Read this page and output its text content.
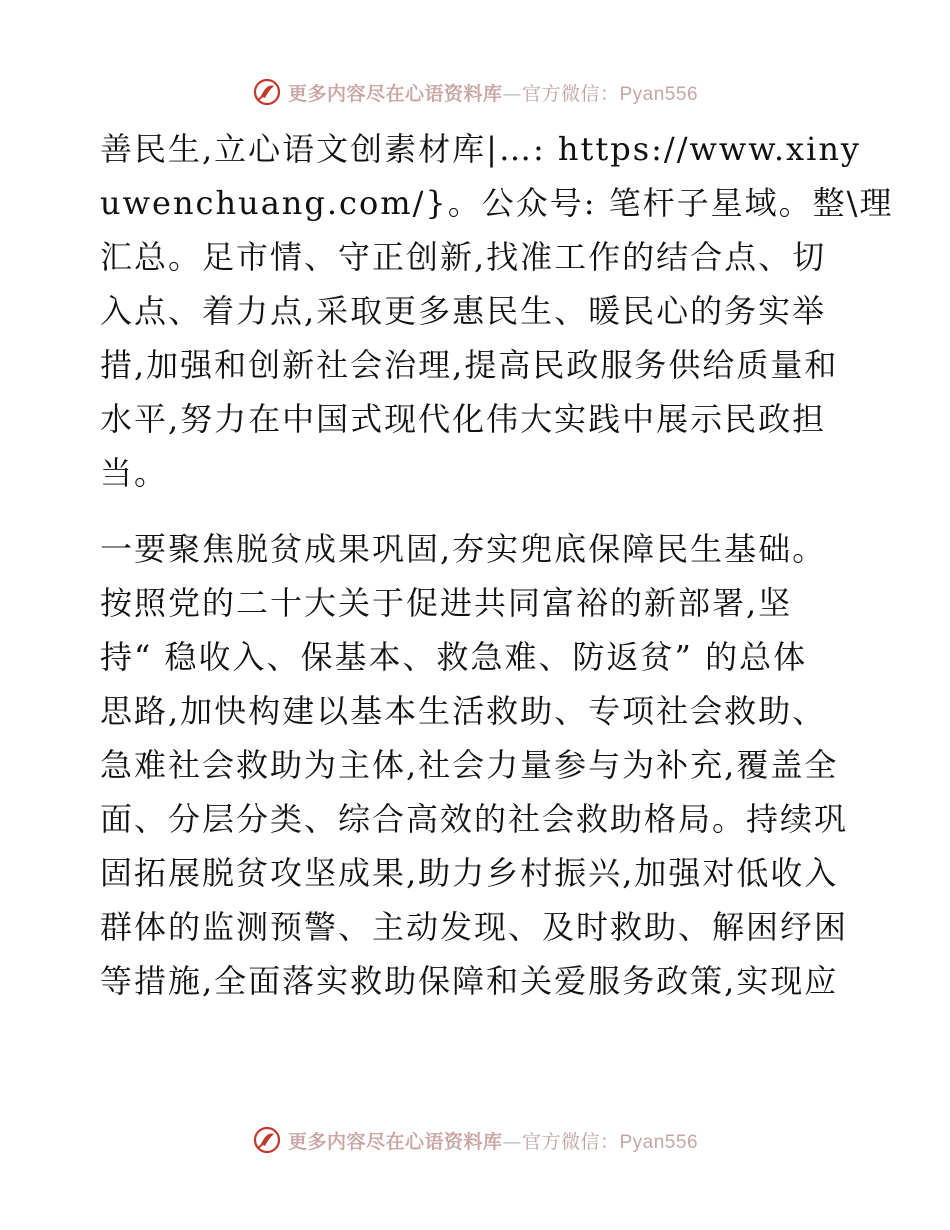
更多内容尽在心语资料库—官方微信：Pyan556
善民生,立心语文创素材库|…: https://www.xiny
uwenchuang.com/}。公众号: 笔杆子星域。整\理
汇总。足市情、守正创新,找准工作的结合点、切
入点、着力点,采取更多惠民生、暖民心的务实举
措,加强和创新社会治理,提高民政服务供给质量和
水平,努力在中国式现代化伟大实践中展示民政担
当。
一要聚焦脱贫成果巩固,夯实兜底保障民生基础。
按照党的二十大关于促进共同富裕的新部署,坚
持“ 稳收入、保基本、救急难、防返贫” 的总体
思路,加快构建以基本生活救助、专项社会救助、
急难社会救助为主体,社会力量参与为补充,覆盖全
面、分层分类、综合高效的社会救助格局。持续巩
固拓展脱贫攻坚成果,助力乡村振兴,加强对低收入
群体的监测预警、主动发现、及时救助、解困纾困
等措施,全面落实救助保障和关爱服务政策,实现应
更多内容尽在心语资料库—官方微信：Pyan556
